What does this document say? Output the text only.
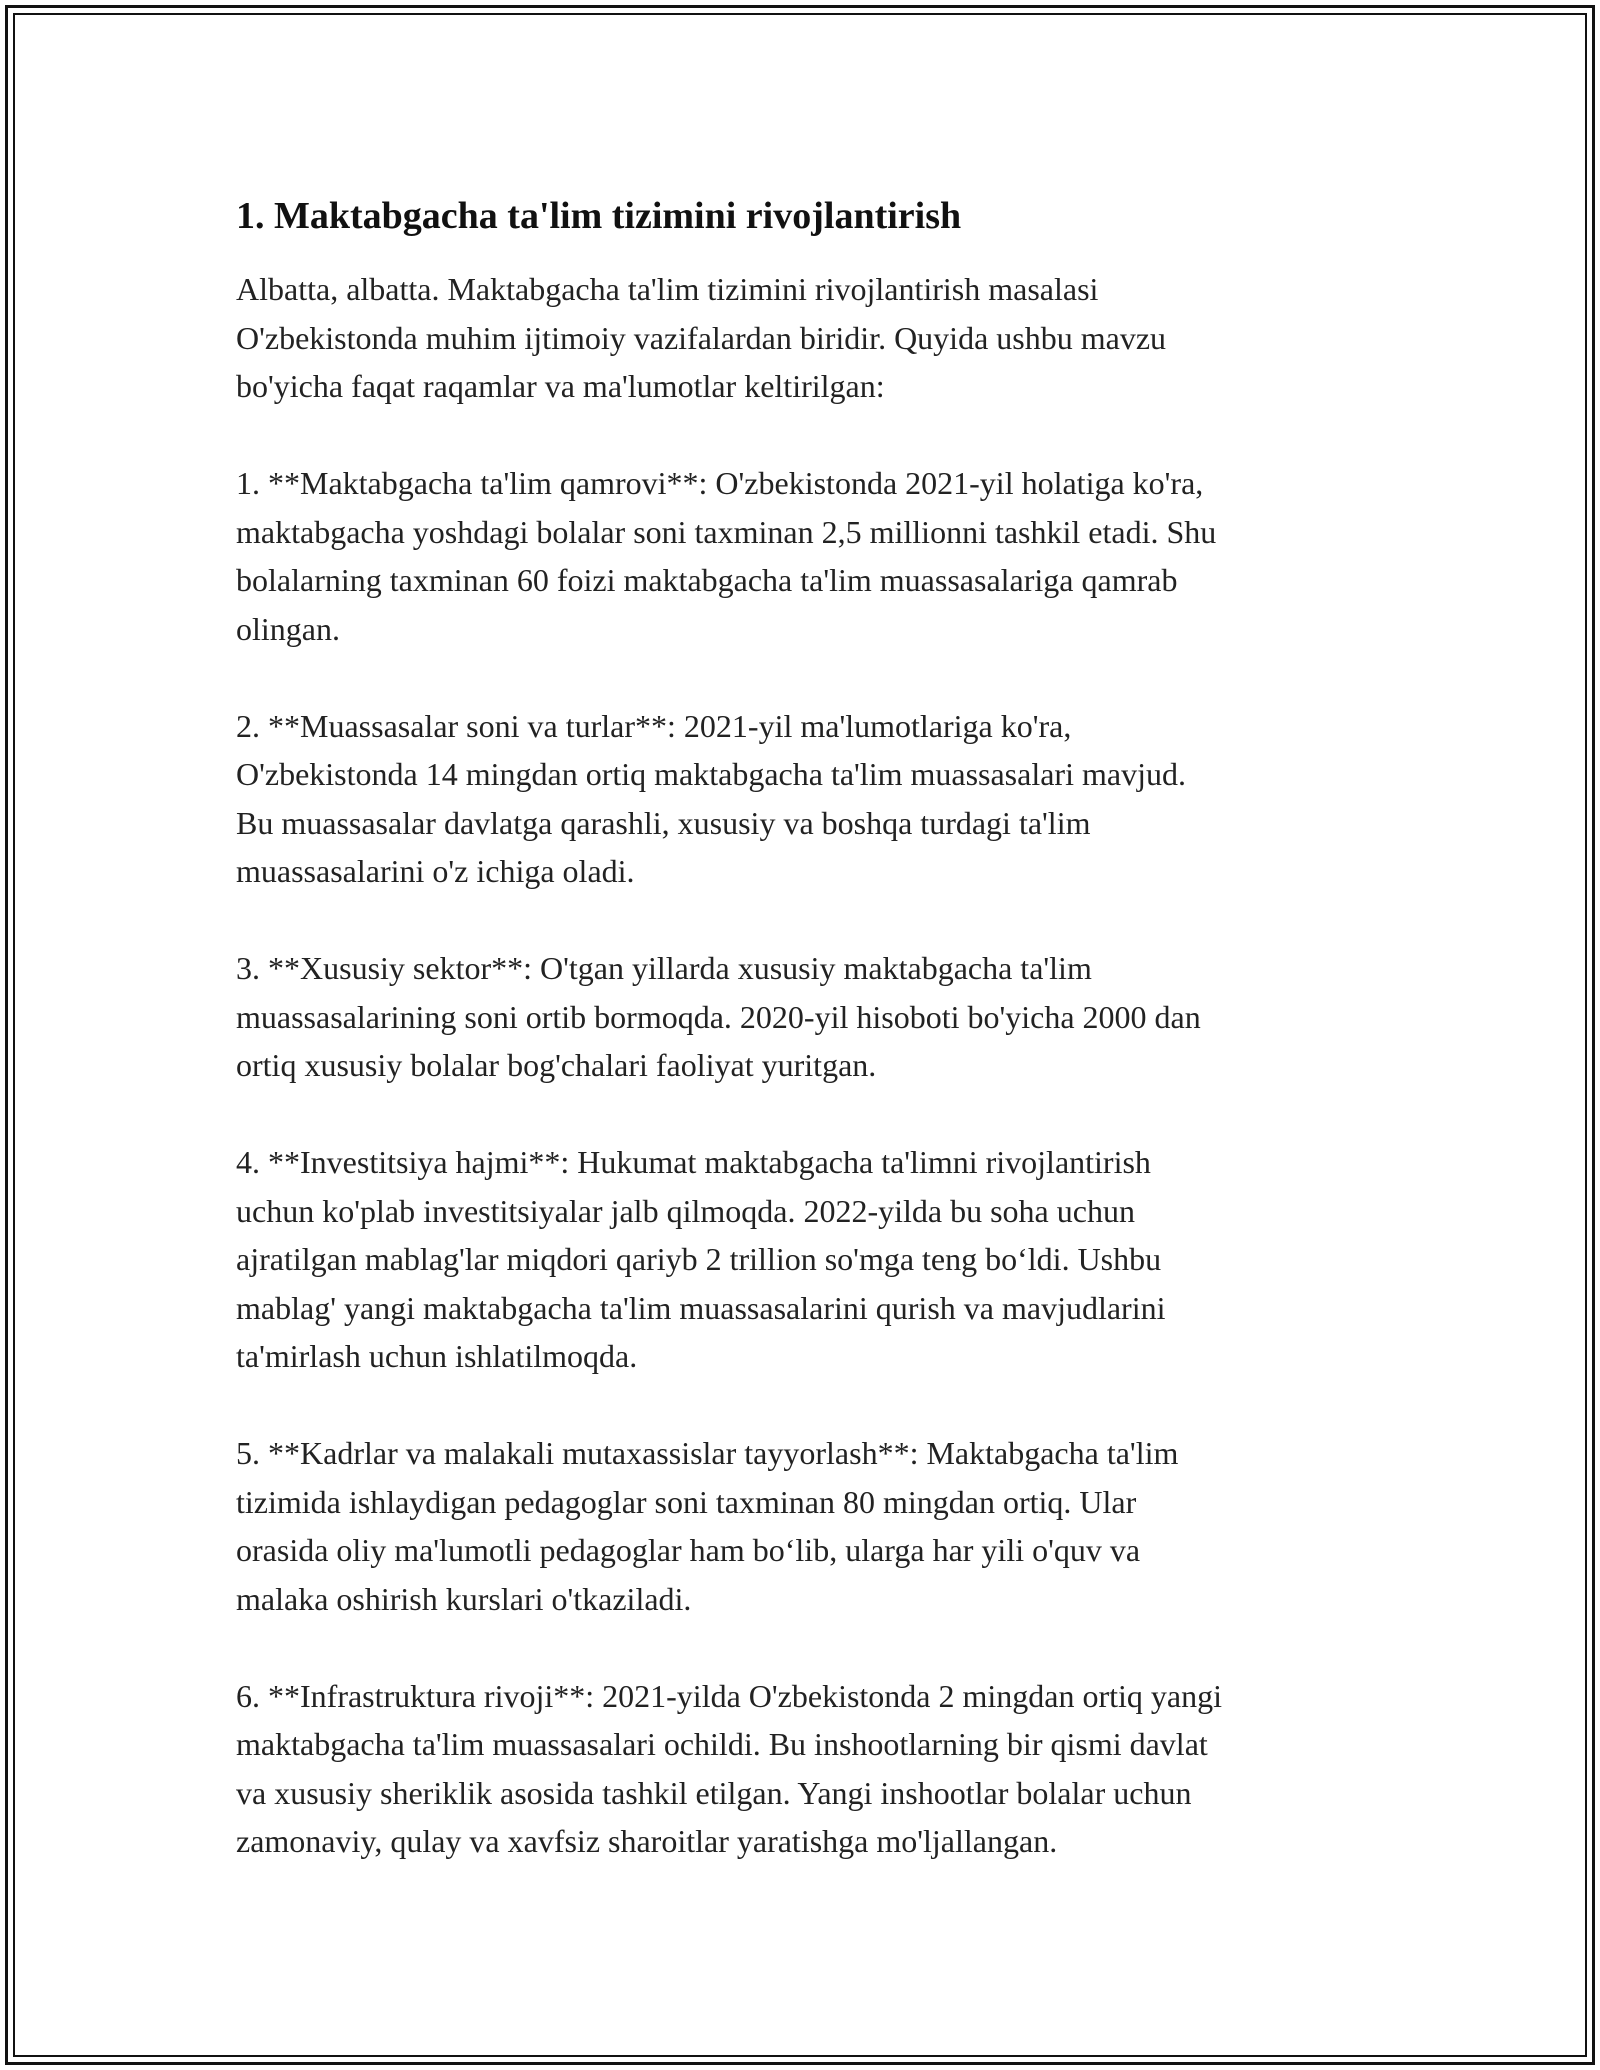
1. Maktabgacha ta'lim tizimini rivojlantirish

Albatta, albatta. Maktabgacha ta'lim tizimini rivojlantirish masalasi
O'zbekistonda muhim ijtimoiy vazifalardan biridir. Quyida ushbu mavzu
bo'yicha faqat raqamlar va ma'lumotlar keltirilgan:

1. **Maktabgacha ta'lim qamrovi**: O'zbekistonda 2021-yil holatiga ko'ra,
maktabgacha yoshdagi bolalar soni taxminan 2,5 millionni tashkil etadi. Shu
bolalarning taxminan 60 foizi maktabgacha ta'lim muassasalariga qamrab
olingan.

2. **Muassasalar soni va turlar**: 2021-yil ma'lumotlariga ko'ra,
O'zbekistonda 14 mingdan ortiq maktabgacha ta'lim muassasalari mavjud.
Bu muassasalar davlatga qarashli, xususiy va boshqa turdagi ta'lim
muassasalarini o'z ichiga oladi.

3. **Xususiy sektor**: O'tgan yillarda xususiy maktabgacha ta'lim
muassasalarining soni ortib bormoqda. 2020-yil hisoboti bo'yicha 2000 dan
ortiq xususiy bolalar bog'chalari faoliyat yuritgan.

4. **Investitsiya hajmi**: Hukumat maktabgacha ta'limni rivojlantirish
uchun ko'plab investitsiyalar jalb qilmoqda. 2022-yilda bu soha uchun
ajratilgan mablag'lar miqdori qariyb 2 trillion so'mga teng bo‘ldi. Ushbu
mablag' yangi maktabgacha ta'lim muassasalarini qurish va mavjudlarini
ta'mirlash uchun ishlatilmoqda.

5. **Kadrlar va malakali mutaxassislar tayyorlash**: Maktabgacha ta'lim
tizimida ishlaydigan pedagoglar soni taxminan 80 mingdan ortiq. Ular
orasida oliy ma'lumotli pedagoglar ham bo‘lib, ularga har yili o'quv va
malaka oshirish kurslari o'tkaziladi.

6. **Infrastruktura rivoji**: 2021-yilda O'zbekistonda 2 mingdan ortiq yangi
maktabgacha ta'lim muassasalari ochildi. Bu inshootlarning bir qismi davlat
va xususiy sheriklik asosida tashkil etilgan. Yangi inshootlar bolalar uchun
zamonaviy, qulay va xavfsiz sharoitlar yaratishga mo'ljallangan.
